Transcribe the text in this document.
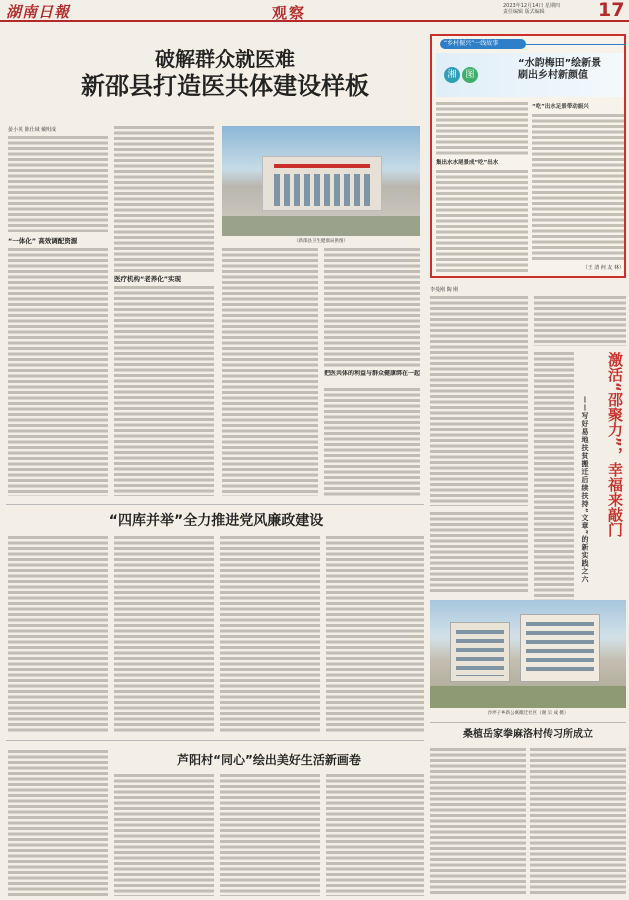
湖南日報	观察	2023年12月14日 星期四
责任编辑 版式编辑	17
破解群众就医难
新邵县打造医共体建设样板
晏小英 陈仕域 戴明成
“一体化” 高效调配资源
医疗机构“老养化”实现
（新邵县卫生健康局供图）
把医共体的利益与群众健康绑在一起
“乡村振兴”一线故事
湘 图
“水韵梅田”绘新景
刷出乡村新颜值
集出水水尾景成“吃”出水
“吃”出水足景带动振兴
（王 清 何 友 林）
李曼刚 陶 刚
激活“邵聚力”，幸福来敲门
——写好易地扶贫搬迁后续扶持“文章”的新实践之六
沙坪子乡新公寓搬迁社区（谢 宗 成 摄）
“四库并举”全力推进党风廉政建设
芦阳村“同心”绘出美好生活新画卷
桑植岳家拳麻洛村传习所成立
